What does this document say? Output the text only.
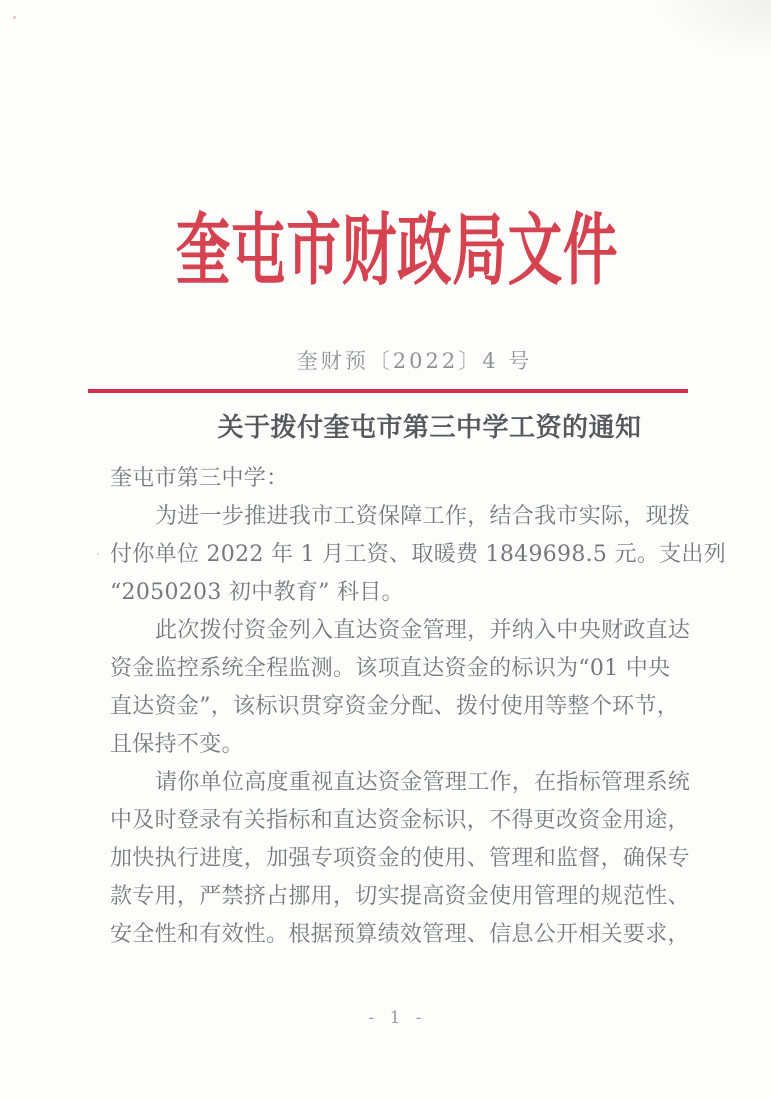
奎屯市财政局文件
奎财预〔2022〕4 号
关于拨付奎屯市第三中学工资的通知
奎屯市第三中学：
为进一步推进我市工资保障工作，结合我市实际，现拨
付你单位 2022 年 1 月工资、取暖费 1849698.5 元。支出列
“2050203 初中教育” 科目。
此次拨付资金列入直达资金管理，并纳入中央财政直达
资金监控系统全程监测。该项直达资金的标识为“01 中央
直达资金”，该标识贯穿资金分配、拨付使用等整个环节，
且保持不变。
请你单位高度重视直达资金管理工作，在指标管理系统
中及时登录有关指标和直达资金标识，不得更改资金用途，
加快执行进度，加强专项资金的使用、管理和监督，确保专
款专用，严禁挤占挪用，切实提高资金使用管理的规范性、
安全性和有效性。根据预算绩效管理、信息公开相关要求，
- 1 -
